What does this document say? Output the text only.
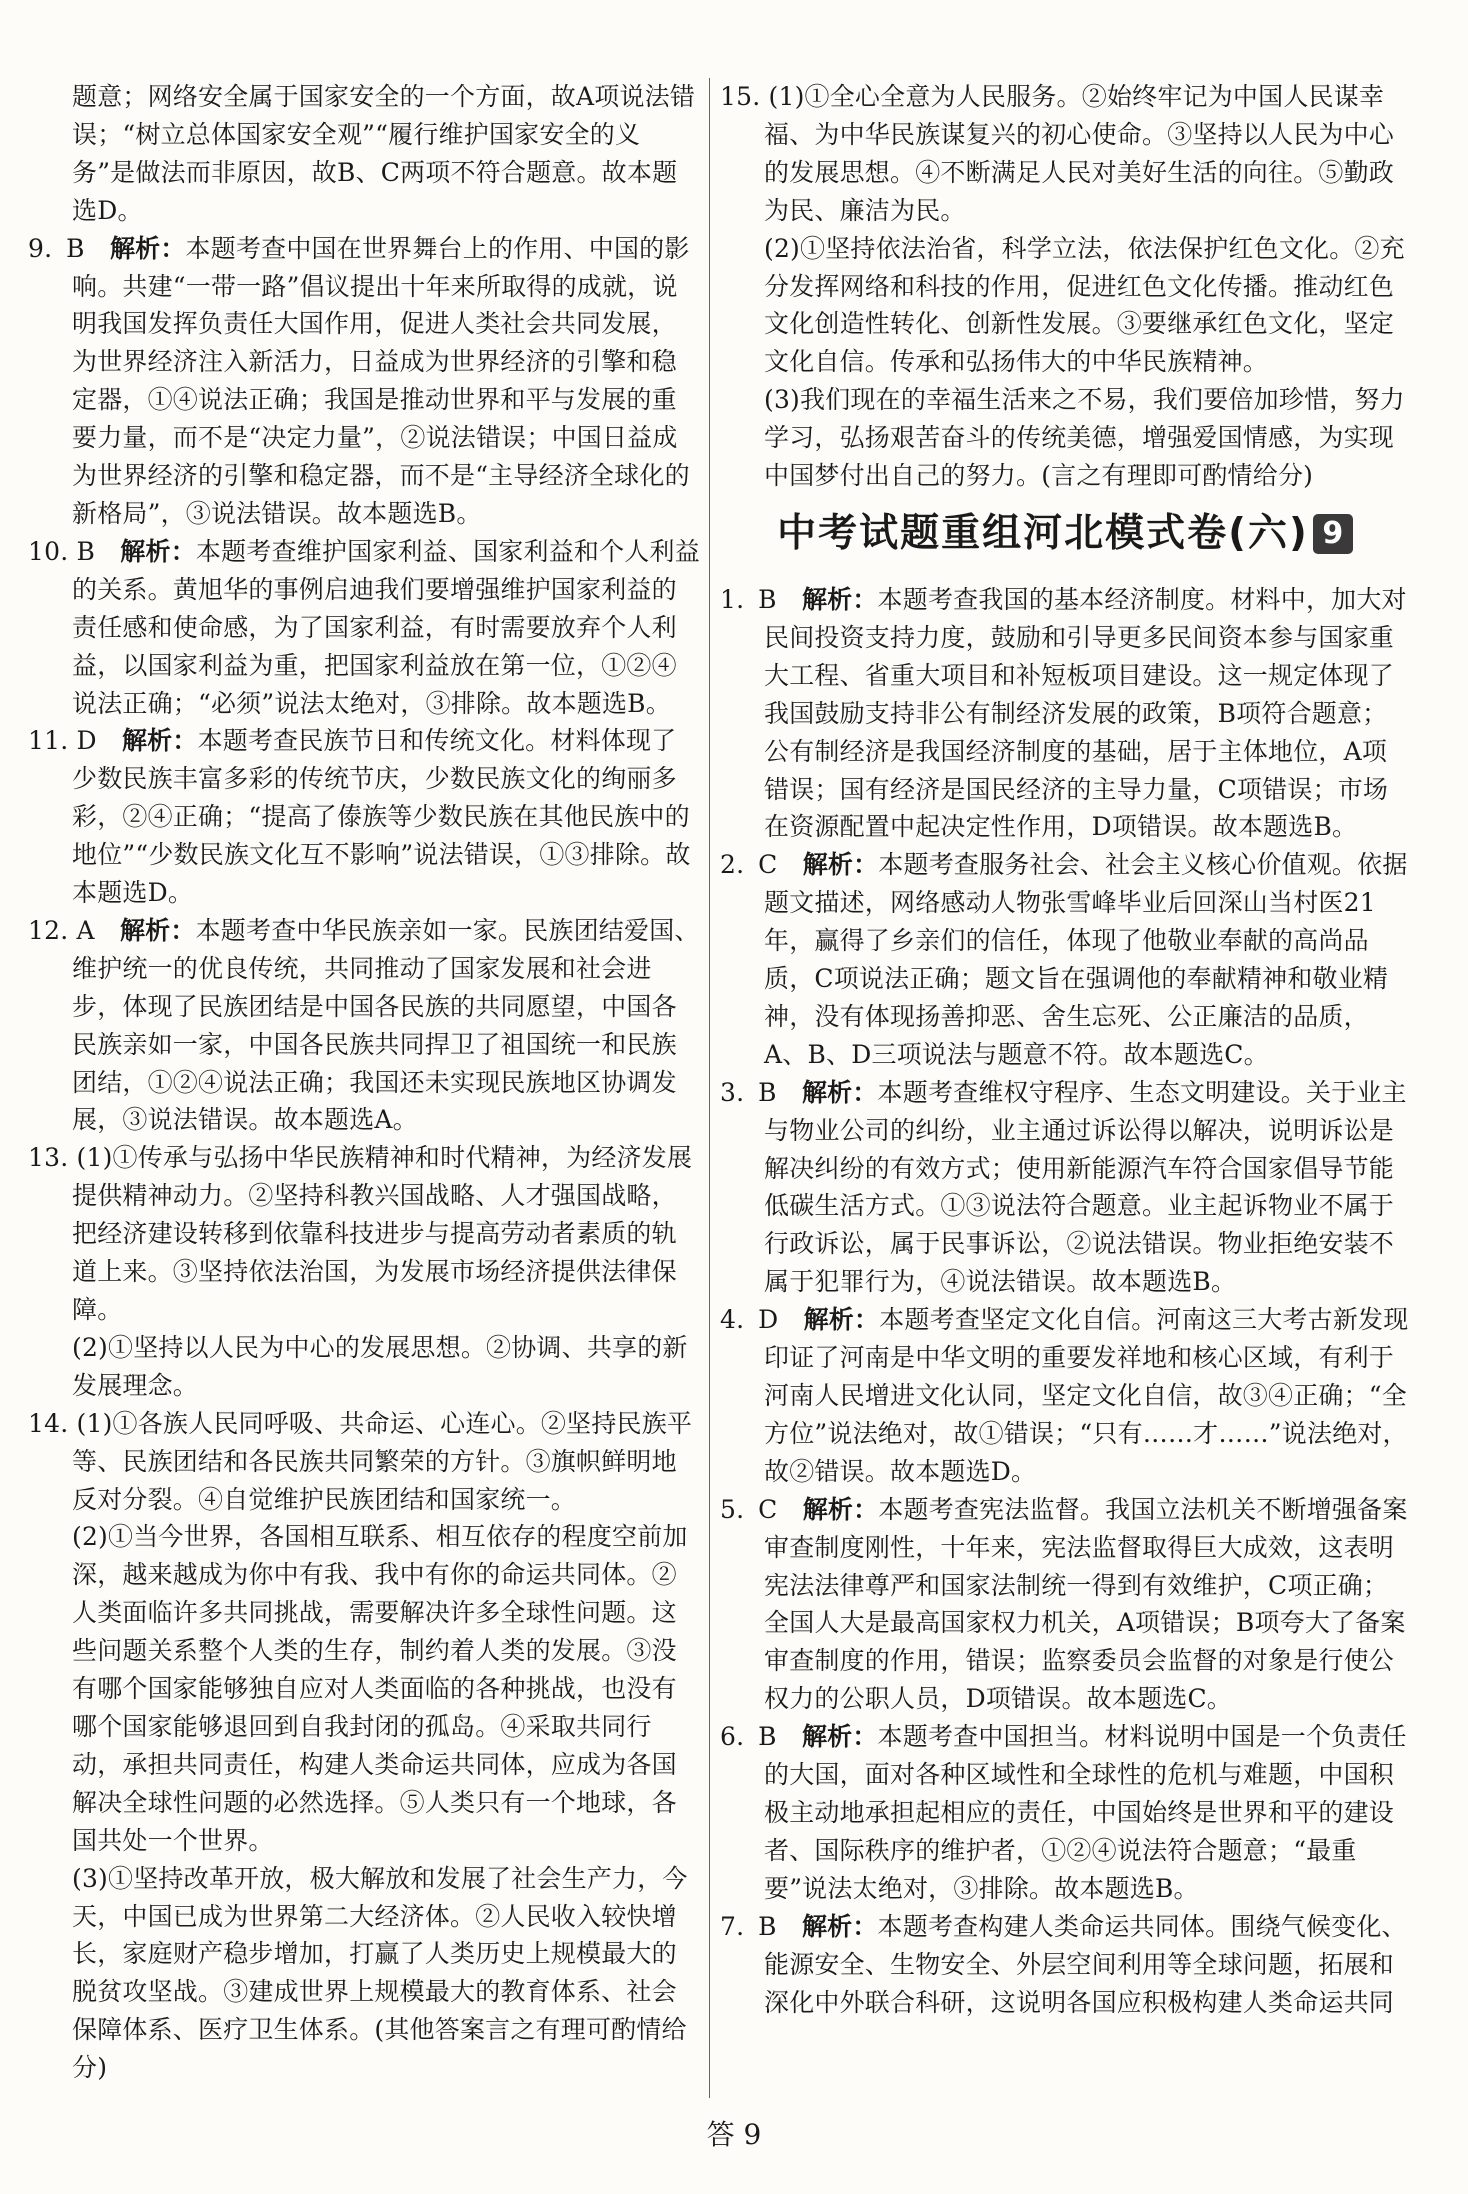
题意；网络安全属于国家安全的一个方面，故A项说法错误；“树立总体国家安全观”“履行维护国家安全的义务”是做法而非原因，故B、C两项不符合题意。故本题选D。

9. B　 解析：本题考查中国在世界舞台上的作用、中国的影响。共建“一带一路”倡议提出十年来所取得的成就，说明我国发挥负责任大国作用，促进人类社会共同发展，为世界经济注入新活力，日益成为世界经济的引擎和稳定器，①④说法正确；我国是推动世界和平与发展的重要力量，而不是“决定力量”，②说法错误；中国日益成为世界经济的引擎和稳定器，而不是“主导经济全球化的新格局”，③说法错误。故本题选B。

10. B　 解析：本题考查维护国家利益、国家利益和个人利益的关系。黄旭华的事例启迪我们要增强维护国家利益的责任感和使命感，为了国家利益，有时需要放弃个人利益，以国家利益为重，把国家利益放在第一位，①②④说法正确；“必须”说法太绝对，③排除。故本题选B。

11. D　 解析：本题考查民族节日和传统文化。材料体现了少数民族丰富多彩的传统节庆，少数民族文化的绚丽多彩，②④正确；“提高了傣族等少数民族在其他民族中的地位”“少数民族文化互不影响”说法错误，①③排除。故本题选D。

12. A　 解析：本题考查中华民族亲如一家。民族团结爱国、维护统一的优良传统，共同推动了国家发展和社会进步，体现了民族团结是中国各民族的共同愿望，中国各民族亲如一家，中国各民族共同捍卫了祖国统一和民族团结，①②④说法正确；我国还未实现民族地区协调发展，③说法错误。故本题选A。

13. (1)①传承与弘扬中华民族精神和时代精神，为经济发展提供精神动力。②坚持科教兴国战略、人才强国战略，把经济建设转移到依靠科技进步与提高劳动者素质的轨道上来。③坚持依法治国，为发展市场经济提供法律保障。

(2)①坚持以人民为中心的发展思想。②协调、共享的新发展理念。

14. (1)①各族人民同呼吸、共命运、心连心。②坚持民族平等、民族团结和各民族共同繁荣的方针。③旗帜鲜明地反对分裂。④自觉维护民族团结和国家统一。

(2)①当今世界，各国相互联系、相互依存的程度空前加深，越来越成为你中有我、我中有你的命运共同体。②人类面临许多共同挑战，需要解决许多全球性问题。这些问题关系整个人类的生存，制约着人类的发展。③没有哪个国家能够独自应对人类面临的各种挑战，也没有哪个国家能够退回到自我封闭的孤岛。④采取共同行动，承担共同责任，构建人类命运共同体，应成为各国解决全球性问题的必然选择。⑤人类只有一个地球，各国共处一个世界。

(3)①坚持改革开放，极大解放和发展了社会生产力，今天，中国已成为世界第二大经济体。②人民收入较快增长，家庭财产稳步增加，打赢了人类历史上规模最大的脱贫攻坚战。③建成世界上规模最大的教育体系、社会保障体系、医疗卫生体系。(其他答案言之有理可酌情给分)

15. (1)①全心全意为人民服务。②始终牢记为中国人民谋幸福、为中华民族谋复兴的初心使命。③坚持以人民为中心的发展思想。④不断满足人民对美好生活的向往。⑤勤政为民、廉洁为民。

(2)①坚持依法治省，科学立法，依法保护红色文化。②充分发挥网络和科技的作用，促进红色文化传播。推动红色文化创造性转化、创新性发展。③要继承红色文化，坚定文化自信。传承和弘扬伟大的中华民族精神。

(3)我们现在的幸福生活来之不易，我们要倍加珍惜，努力学习，弘扬艰苦奋斗的传统美德，增强爱国情感，为实现中国梦付出自己的努力。(言之有理即可酌情给分)

中考试题重组河北模式卷(六) 9

1. B　 解析：本题考查我国的基本经济制度。材料中，加大对民间投资支持力度，鼓励和引导更多民间资本参与国家重大工程、省重大项目和补短板项目建设。这一规定体现了我国鼓励支持非公有制经济发展的政策，B项符合题意；公有制经济是我国经济制度的基础，居于主体地位，A项错误；国有经济是国民经济的主导力量，C项错误；市场在资源配置中起决定性作用，D项错误。故本题选B。

2. C　 解析：本题考查服务社会、社会主义核心价值观。依据题文描述，网络感动人物张雪峰毕业后回深山当村医21年，赢得了乡亲们的信任，体现了他敬业奉献的高尚品质，C项说法正确；题文旨在强调他的奉献精神和敬业精神，没有体现扬善抑恶、舍生忘死、公正廉洁的品质，A、B、D三项说法与题意不符。故本题选C。

3. B　 解析：本题考查维权守程序、生态文明建设。关于业主与物业公司的纠纷，业主通过诉讼得以解决，说明诉讼是解决纠纷的有效方式；使用新能源汽车符合国家倡导节能低碳生活方式。①③说法符合题意。业主起诉物业不属于行政诉讼，属于民事诉讼，②说法错误。物业拒绝安装不属于犯罪行为，④说法错误。故本题选B。

4. D　 解析：本题考查坚定文化自信。河南这三大考古新发现印证了河南是中华文明的重要发祥地和核心区域，有利于河南人民增进文化认同，坚定文化自信，故③④正确；“全方位”说法绝对，故①错误；“只有……才……”说法绝对，故②错误。故本题选D。

5. C　 解析：本题考查宪法监督。我国立法机关不断增强备案审查制度刚性，十年来，宪法监督取得巨大成效，这表明宪法法律尊严和国家法制统一得到有效维护，C项正确；全国人大是最高国家权力机关，A项错误；B项夸大了备案审查制度的作用，错误；监察委员会监督的对象是行使公权力的公职人员，D项错误。故本题选C。

6. B　 解析：本题考查中国担当。材料说明中国是一个负责任的大国，面对各种区域性和全球性的危机与难题，中国积极主动地承担起相应的责任，中国始终是世界和平的建设者、国际秩序的维护者，①②④说法符合题意；“最重要”说法太绝对，③排除。故本题选B。

7. B　 解析：本题考查构建人类命运共同体。围绕气候变化、能源安全、生物安全、外层空间利用等全球问题，拓展和深化中外联合科研，这说明各国应积极构建人类命运共同

答 9
